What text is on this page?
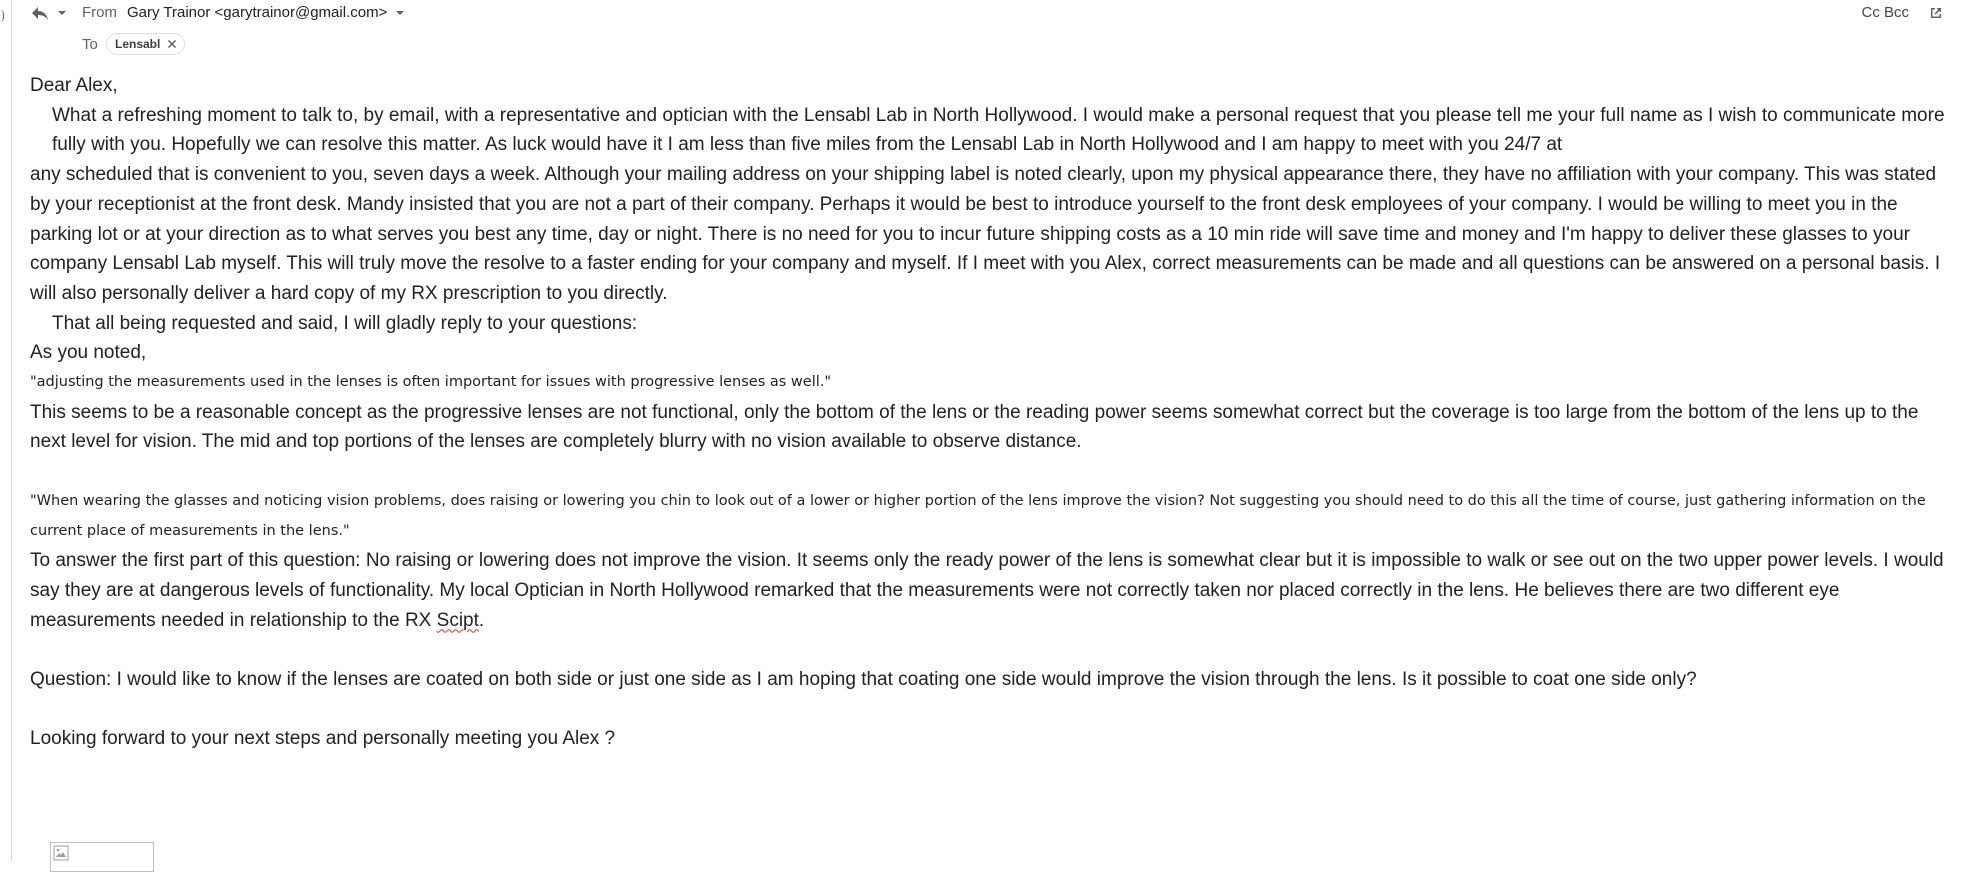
From Gary Trainor <garytrainor@gmail.com>	Cc Bcc
To Lensabl

Dear Alex,

What a refreshing moment to talk to, by email, with a representative and optician with the Lensabl Lab in North Hollywood. I would make a personal request that you please tell me your full name as I wish to communicate more fully with you. Hopefully we can resolve this matter. As luck would have it I am less than five miles from the Lensabl Lab in North Hollywood and I am happy to meet with you 24/7 at

any scheduled that is convenient to you, seven days a week. Although your mailing address on your shipping label is noted clearly, upon my physical appearance there, they have no affiliation with your company. This was stated by your receptionist at the front desk. Mandy insisted that you are not a part of their company. Perhaps it would be best to introduce yourself to the front desk employees of your company. I would be willing to meet you in the parking lot or at your direction as to what serves you best any time, day or night. There is no need for you to incur future shipping costs as a 10 min ride will save time and money and I'm happy to deliver these glasses to your company Lensabl Lab myself. This will truly move the resolve to a faster ending for your company and myself. If I meet with you Alex, correct measurements can be made and all questions can be answered on a personal basis. I will also personally deliver a hard copy of my RX prescription to you directly.

That all being requested and said, I will gladly reply to your questions:

As you noted,

"adjusting the measurements used in the lenses is often important for issues with progressive lenses as well."

This seems to be a reasonable concept as the progressive lenses are not functional, only the bottom of the lens or the reading power seems somewhat correct but the coverage is too large from the bottom of the lens up to the next level for vision. The mid and top portions of the lenses are completely blurry with no vision available to observe distance.

"When wearing the glasses and noticing vision problems, does raising or lowering you chin to look out of a lower or higher portion of the lens improve the vision? Not suggesting you should need to do this all the time of course, just gathering information on the current place of measurements in the lens."

To answer the first part of this question: No raising or lowering does not improve the vision. It seems only the ready power of the lens is somewhat clear but it is impossible to walk or see out on the two upper power levels. I would say they are at dangerous levels of functionality. My local Optician in North Hollywood remarked that the measurements were not correctly taken nor placed correctly in the lens. He believes there are two different eye measurements needed in relationship to the RX Scipt.

Question: I would like to know if the lenses are coated on both side or just one side as I am hoping that coating one side would improve the vision through the lens. Is it possible to coat one side only?

Looking forward to your next steps and personally meeting you Alex ?
